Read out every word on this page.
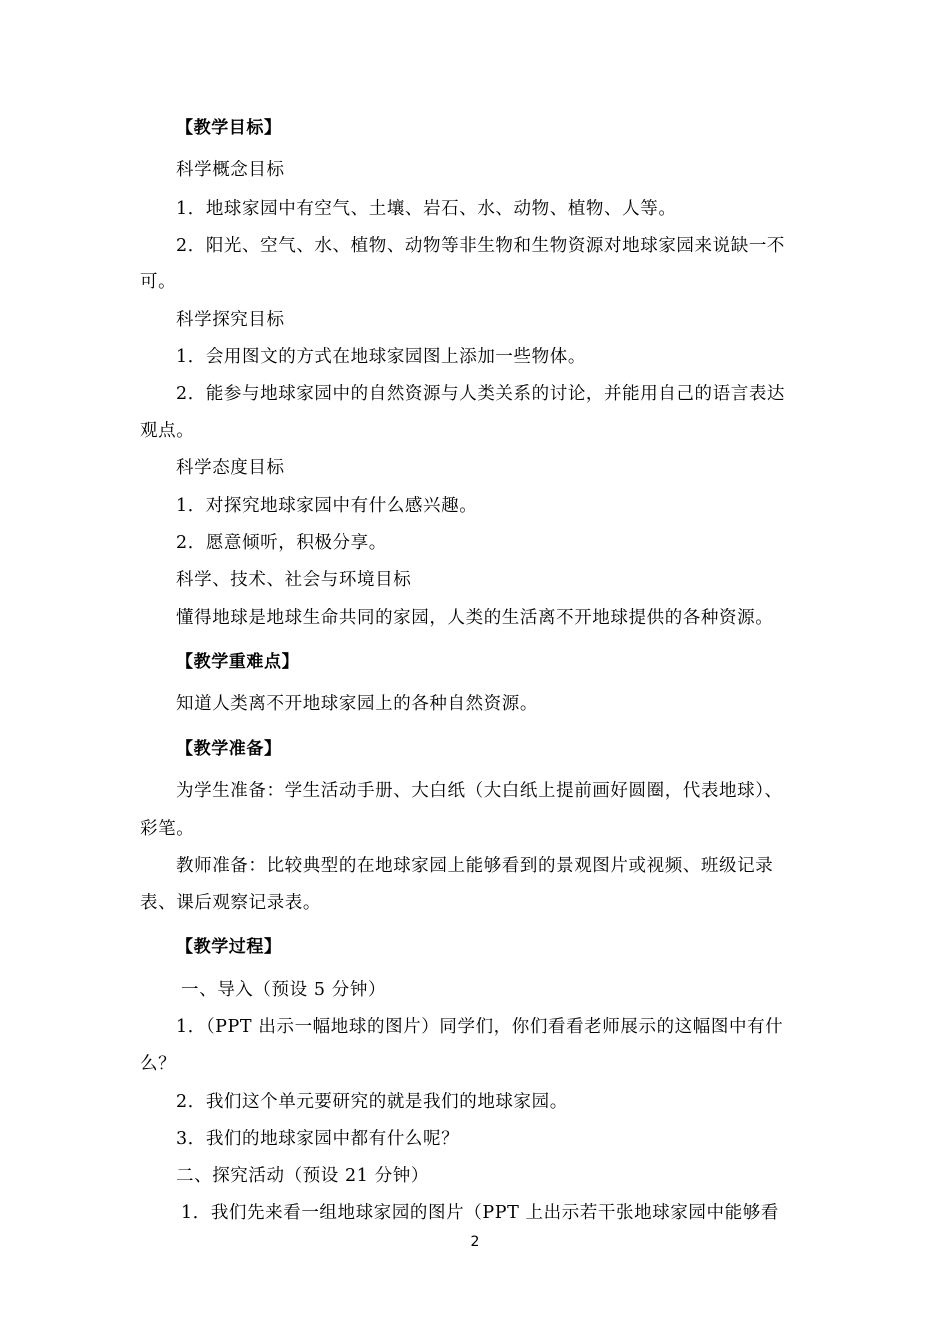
【教学目标】
科学概念目标
1．地球家园中有空气、土壤、岩石、水、动物、植物、人等。
2．阳光、空气、水、植物、动物等非生物和生物资源对地球家园来说缺一不
可。
科学探究目标
1．会用图文的方式在地球家园图上添加一些物体。
2．能参与地球家园中的自然资源与人类关系的讨论，并能用自己的语言表达
观点。
科学态度目标
1．对探究地球家园中有什么感兴趣。
2．愿意倾听，积极分享。
科学、技术、社会与环境目标
懂得地球是地球生命共同的家园，人类的生活离不开地球提供的各种资源。
【教学重难点】
知道人类离不开地球家园上的各种自然资源。
【教学准备】
为学生准备：学生活动手册、大白纸（大白纸上提前画好圆圈，代表地球）、
彩笔。
教师准备：比较典型的在地球家园上能够看到的景观图片或视频、班级记录
表、课后观察记录表。
【教学过程】
一、导入（预设 5 分钟）
1．（PPT 出示一幅地球的图片）同学们，你们看看老师展示的这幅图中有什
么？
2．我们这个单元要研究的就是我们的地球家园。
3．我们的地球家园中都有什么呢？
二、探究活动（预设 21 分钟）
1．我们先来看一组地球家园的图片（PPT 上出示若干张地球家园中能够看
2
